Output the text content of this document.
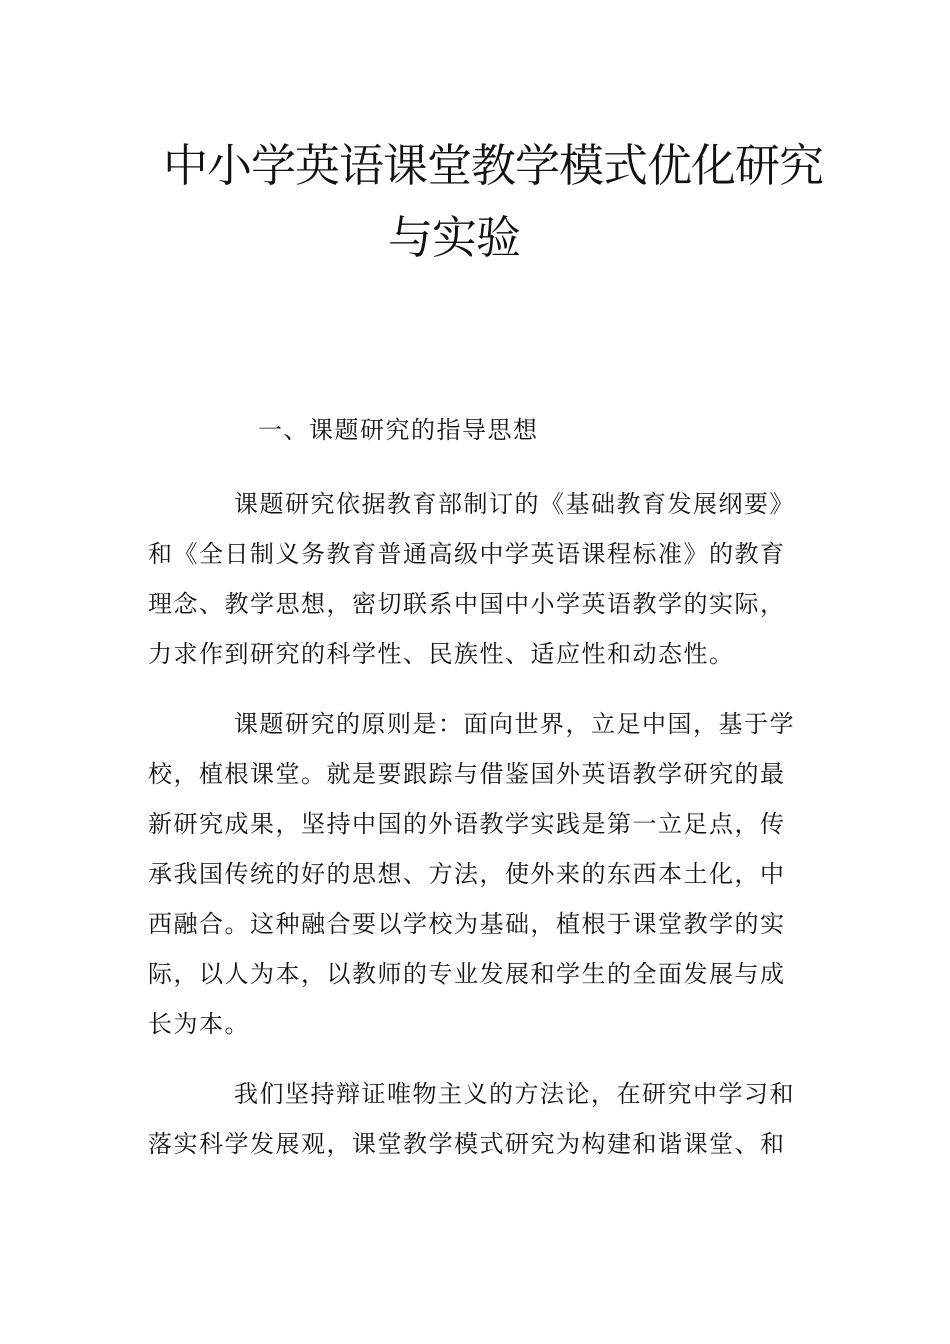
中小学英语课堂教学模式优化研究
与实验
一、课题研究的指导思想
课题研究依据教育部制订的《基础教育发展纲要》
和《全日制义务教育普通高级中学英语课程标准》的教育
理念、教学思想，密切联系中国中小学英语教学的实际，
力求作到研究的科学性、民族性、适应性和动态性。
课题研究的原则是：面向世界，立足中国，基于学
校，植根课堂。就是要跟踪与借鉴国外英语教学研究的最
新研究成果，坚持中国的外语教学实践是第一立足点，传
承我国传统的好的思想、方法，使外来的东西本土化，中
西融合。这种融合要以学校为基础，植根于课堂教学的实
际，以人为本，以教师的专业发展和学生的全面发展与成
长为本。
我们坚持辩证唯物主义的方法论，在研究中学习和
落实科学发展观，课堂教学模式研究为构建和谐课堂、和
